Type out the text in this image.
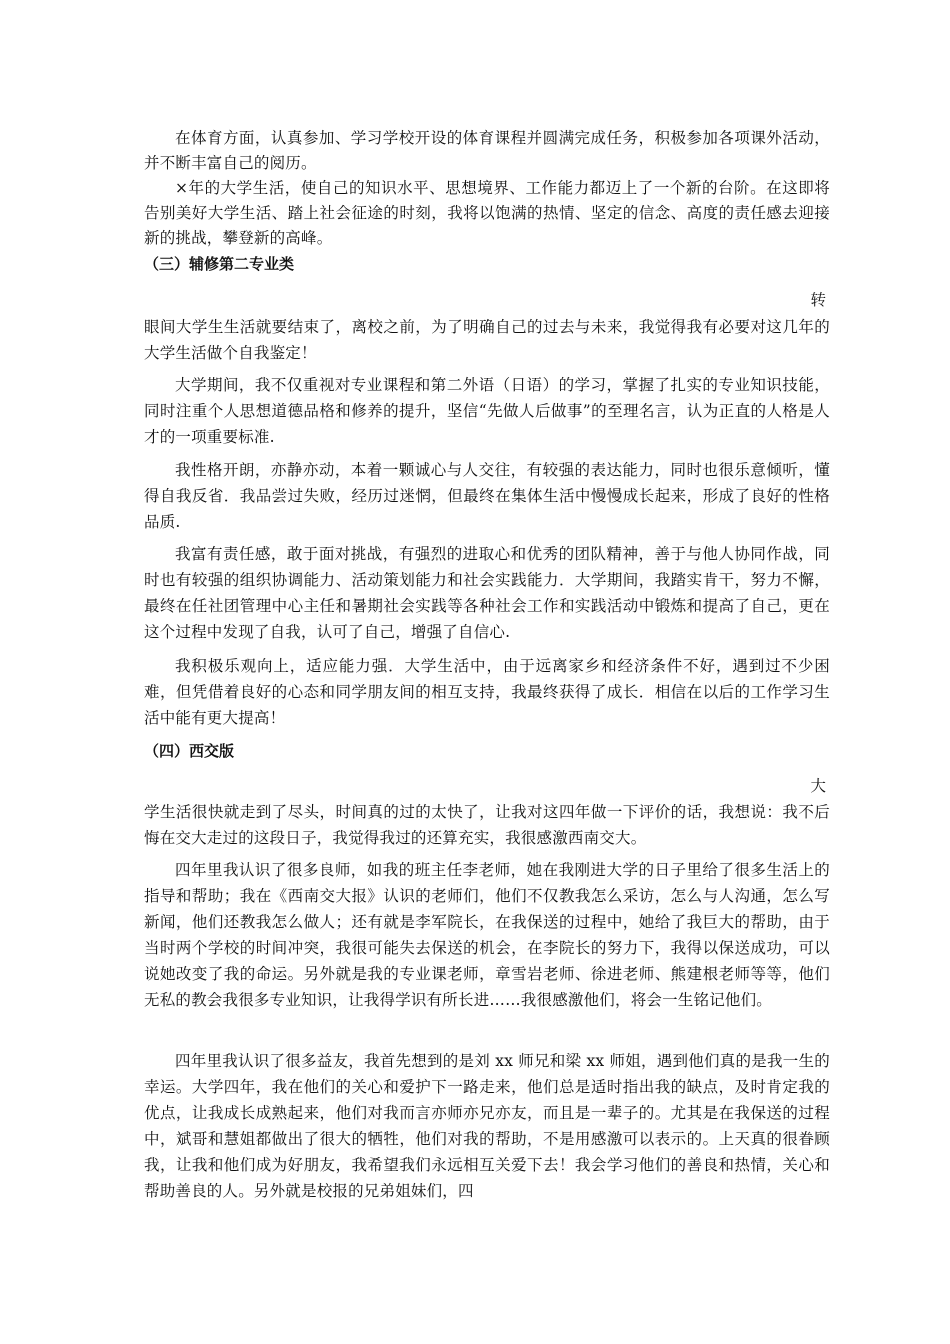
在体育方面，认真参加、学习学校开设的体育课程并圆满完成任务，积极参加各项课外活动，并不断丰富自己的阅历。

×年的大学生活，使自己的知识水平、思想境界、工作能力都迈上了一个新的台阶。在这即将告别美好大学生活、踏上社会征途的时刻，我将以饱满的热情、坚定的信念、高度的责任感去迎接新的挑战，攀登新的高峰。

（三）辅修第二专业类

转

眼间大学生生活就要结束了，离校之前，为了明确自己的过去与未来，我觉得我有必要对这几年的大学生活做个自我鉴定！

大学期间，我不仅重视对专业课程和第二外语（日语）的学习，掌握了扎实的专业知识技能，同时注重个人思想道德品格和修养的提升，坚信“先做人后做事”的至理名言，认为正直的人格是人才的一项重要标准.

我性格开朗，亦静亦动，本着一颗诚心与人交往，有较强的表达能力，同时也很乐意倾听，懂得自我反省．我品尝过失败，经历过迷惘，但最终在集体生活中慢慢成长起来，形成了良好的性格品质.

我富有责任感，敢于面对挑战，有强烈的进取心和优秀的团队精神，善于与他人协同作战，同时也有较强的组织协调能力、活动策划能力和社会实践能力．大学期间，我踏实肯干，努力不懈，最终在任社团管理中心主任和暑期社会实践等各种社会工作和实践活动中锻炼和提高了自己，更在这个过程中发现了自我，认可了自己，增强了自信心.

我积极乐观向上，适应能力强．大学生活中，由于远离家乡和经济条件不好，遇到过不少困难，但凭借着良好的心态和同学朋友间的相互支持，我最终获得了成长．相信在以后的工作学习生活中能有更大提高！

（四）西交版

大

学生活很快就走到了尽头，时间真的过的太快了，让我对这四年做一下评价的话，我想说：我不后悔在交大走过的这段日子，我觉得我过的还算充实，我很感激西南交大。

四年里我认识了很多良师，如我的班主任李老师，她在我刚进大学的日子里给了很多生活上的指导和帮助；我在《西南交大报》认识的老师们，他们不仅教我怎么采访，怎么与人沟通，怎么写新闻，他们还教我怎么做人；还有就是李军院长，在我保送的过程中，她给了我巨大的帮助，由于当时两个学校的时间冲突，我很可能失去保送的机会，在李院长的努力下，我得以保送成功，可以说她改变了我的命运。另外就是我的专业课老师，章雪岩老师、徐进老师、熊建根老师等等，他们无私的教会我很多专业知识，让我得学识有所长进……我很感激他们，将会一生铭记他们。

四年里我认识了很多益友，我首先想到的是刘 xx 师兄和梁 xx 师姐，遇到他们真的是我一生的幸运。大学四年，我在他们的关心和爱护下一路走来，他们总是适时指出我的缺点，及时肯定我的优点，让我成长成熟起来，他们对我而言亦师亦兄亦友，而且是一辈子的。尤其是在我保送的过程中，斌哥和慧姐都做出了很大的牺牲，他们对我的帮助，不是用感激可以表示的。上天真的很眷顾我，让我和他们成为好朋友，我希望我们永远相互关爱下去！我会学习他们的善良和热情，关心和帮助善良的人。另外就是校报的兄弟姐妹们，四
